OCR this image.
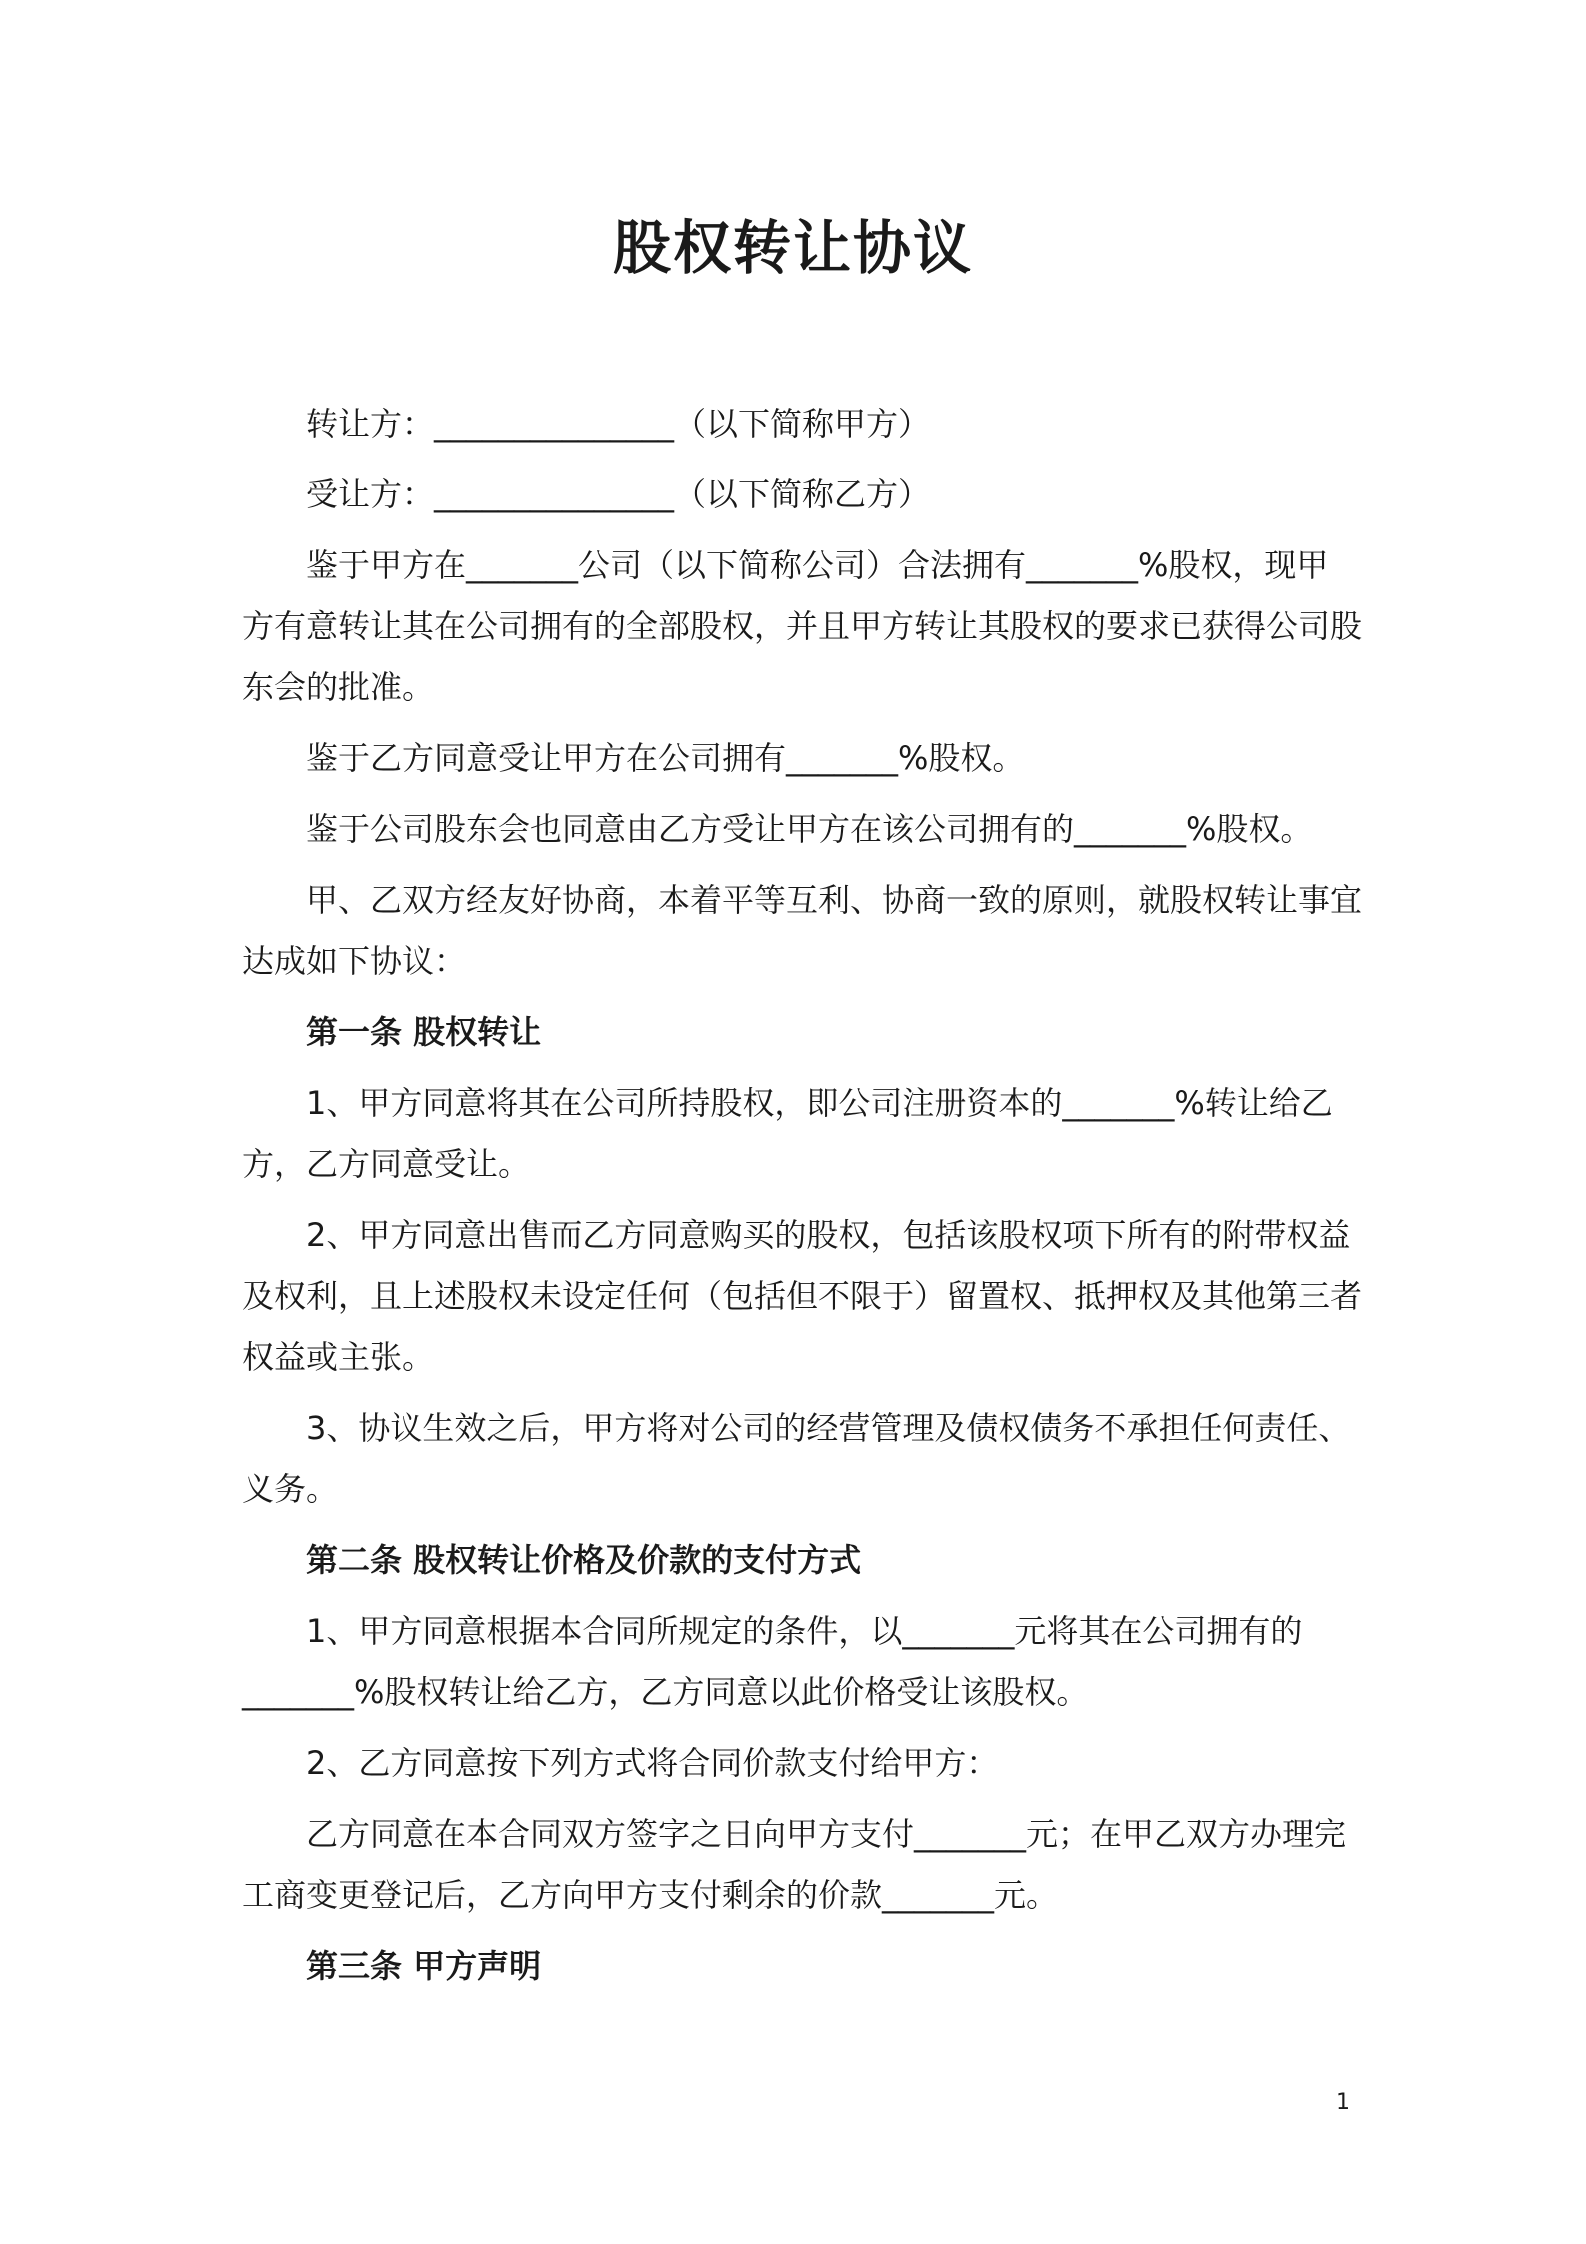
股权转让协议
转让方：_______________（以下简称甲方）
受让方：_______________（以下简称乙方）
鉴于甲方在_______公司（以下简称公司）合法拥有_______%股权，现甲
方有意转让其在公司拥有的全部股权，并且甲方转让其股权的要求已获得公司股
东会的批准。
鉴于乙方同意受让甲方在公司拥有_______%股权。
鉴于公司股东会也同意由乙方受让甲方在该公司拥有的_______%股权。
甲、乙双方经友好协商，本着平等互利、协商一致的原则，就股权转让事宜
达成如下协议：
第一条 股权转让
1、甲方同意将其在公司所持股权，即公司注册资本的_______%转让给乙
方，乙方同意受让。
2、甲方同意出售而乙方同意购买的股权，包括该股权项下所有的附带权益
及权利，且上述股权未设定任何（包括但不限于）留置权、抵押权及其他第三者
权益或主张。
3、协议生效之后，甲方将对公司的经营管理及债权债务不承担任何责任、
义务。
第二条 股权转让价格及价款的支付方式
1、甲方同意根据本合同所规定的条件，以_______元将其在公司拥有的
_______%股权转让给乙方，乙方同意以此价格受让该股权。
2、乙方同意按下列方式将合同价款支付给甲方：
乙方同意在本合同双方签字之日向甲方支付_______元；在甲乙双方办理完
工商变更登记后，乙方向甲方支付剩余的价款_______元。
第三条 甲方声明
1
